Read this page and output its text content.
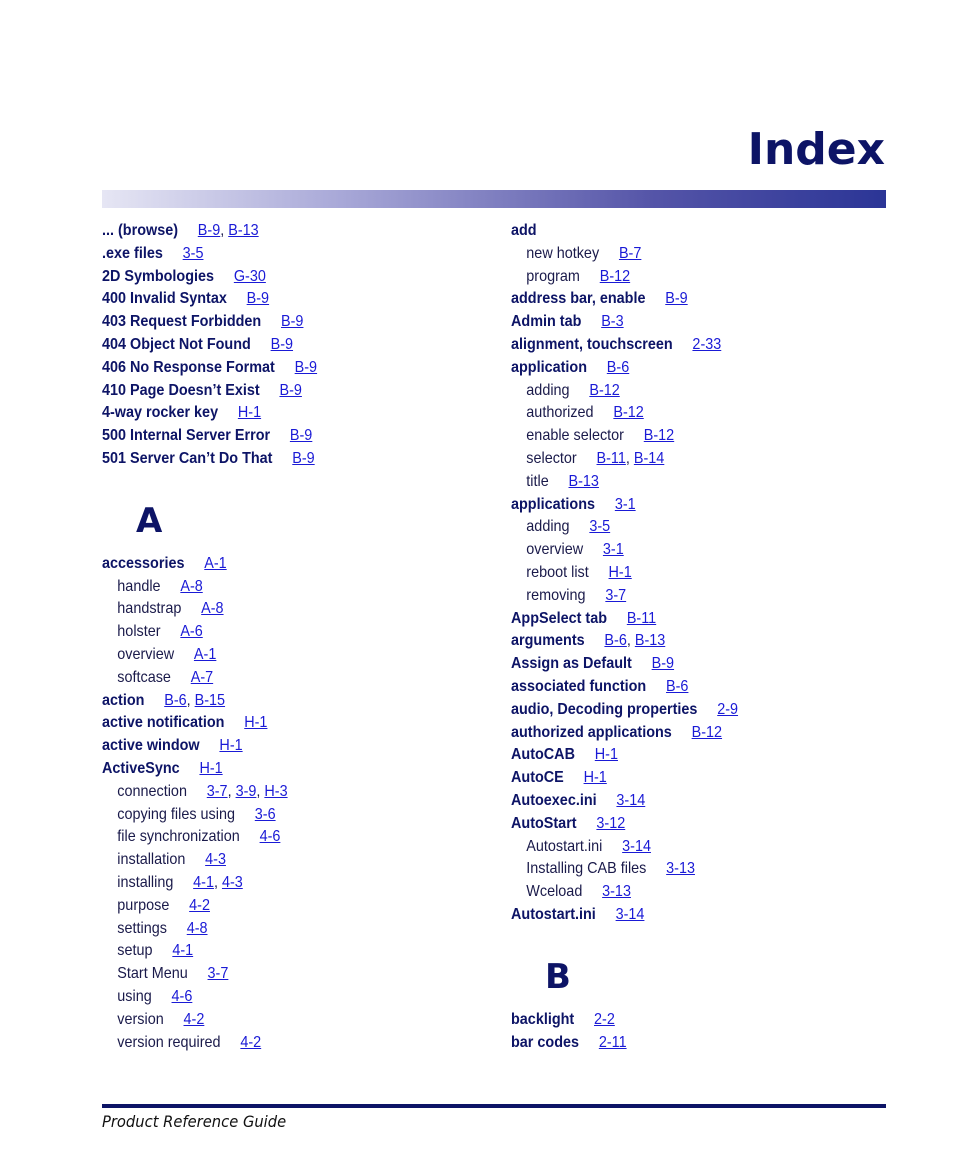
Index
... (browse) B-9, B-13
.exe files 3-5
2D Symbologies G-30
400 Invalid Syntax B-9
403 Request Forbidden B-9
404 Object Not Found B-9
406 No Response Format B-9
410 Page Doesn’t Exist B-9
4-way rocker key H-1
500 Internal Server Error B-9
501 Server Can’t Do That B-9
A
accessories A-1
handle A-8
handstrap A-8
holster A-6
overview A-1
softcase A-7
action B-6, B-15
active notification H-1
active window H-1
ActiveSync H-1
connection 3-7, 3-9, H-3
copying files using 3-6
file synchronization 4-6
installation 4-3
installing 4-1, 4-3
purpose 4-2
settings 4-8
setup 4-1
Start Menu 3-7
using 4-6
version 4-2
version required 4-2
add
new hotkey B-7
program B-12
address bar, enable B-9
Admin tab B-3
alignment, touchscreen 2-33
application B-6
adding B-12
authorized B-12
enable selector B-12
selector B-11, B-14
title B-13
applications 3-1
adding 3-5
overview 3-1
reboot list H-1
removing 3-7
AppSelect tab B-11
arguments B-6, B-13
Assign as Default B-9
associated function B-6
audio, Decoding properties 2-9
authorized applications B-12
AutoCAB H-1
AutoCE H-1
Autoexec.ini 3-14
AutoStart 3-12
Autostart.ini 3-14
Installing CAB files 3-13
Wceload 3-13
Autostart.ini 3-14
B
backlight 2-2
bar codes 2-11
Product Reference Guide
